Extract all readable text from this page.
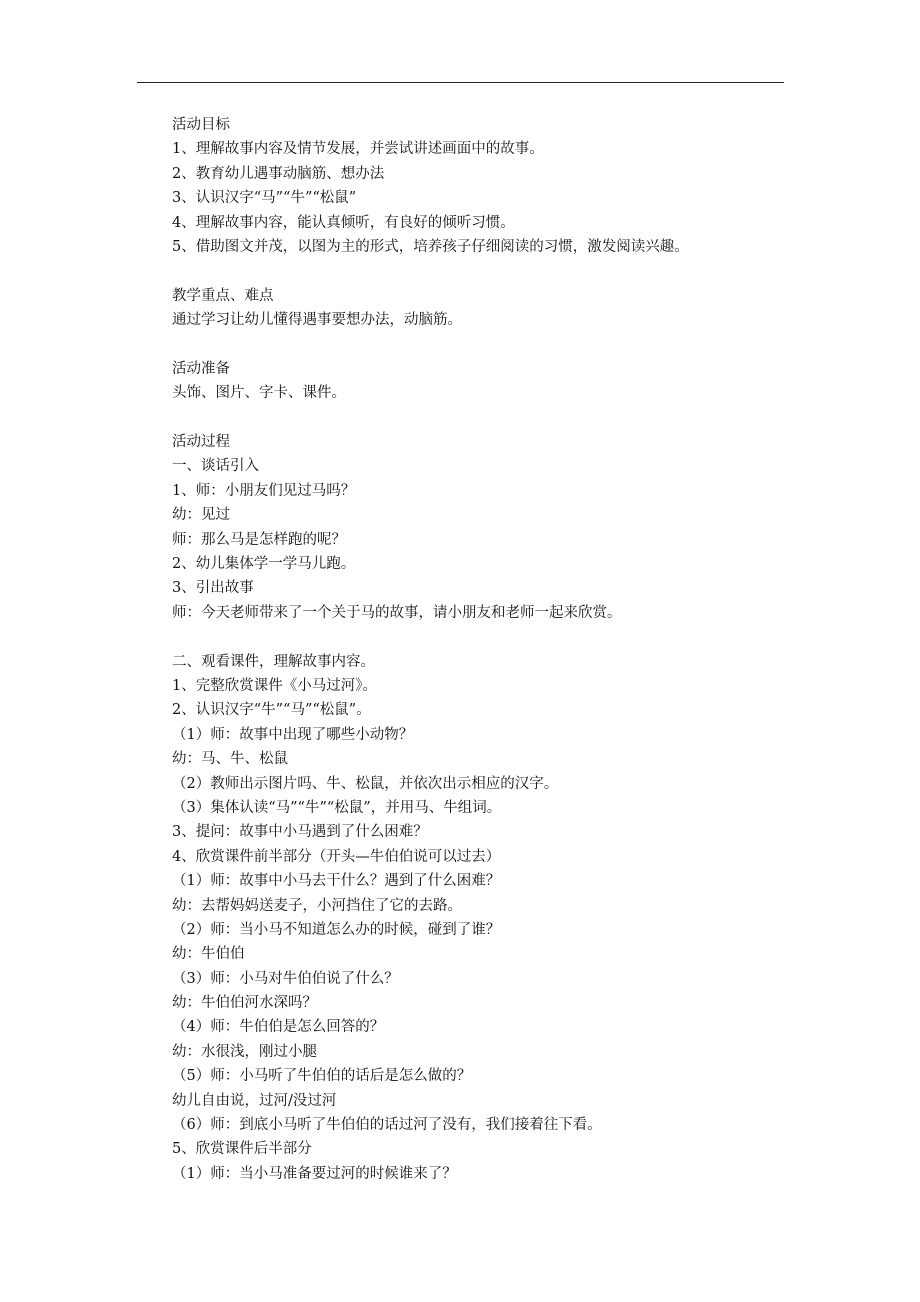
活动目标
1、理解故事内容及情节发展，并尝试讲述画面中的故事。
2、教育幼儿遇事动脑筋、想办法
3、认识汉字“马”“牛”“松鼠”
4、理解故事内容，能认真倾听，有良好的倾听习惯。
5、借助图文并茂，以图为主的形式，培养孩子仔细阅读的习惯，激发阅读兴趣。
教学重点、难点
通过学习让幼儿懂得遇事要想办法，动脑筋。
活动准备
头饰、图片、字卡、课件。
活动过程
一、谈话引入
1、师：小朋友们见过马吗？
幼：见过
师：那么马是怎样跑的呢？
2、幼儿集体学一学马儿跑。
3、引出故事
师：今天老师带来了一个关于马的故事，请小朋友和老师一起来欣赏。
二、观看课件，理解故事内容。
1、完整欣赏课件《小马过河》。
2、认识汉字“牛”“马”“松鼠”。
（1）师：故事中出现了哪些小动物？
幼：马、牛、松鼠
（2）教师出示图片吗、牛、松鼠，并依次出示相应的汉字。
（3）集体认读“马”“牛”“松鼠”，并用马、牛组词。
3、提问：故事中小马遇到了什么困难？
4、欣赏课件前半部分（开头—牛伯伯说可以过去）
（1）师：故事中小马去干什么？遇到了什么困难？
幼：去帮妈妈送麦子，小河挡住了它的去路。
（2）师：当小马不知道怎么办的时候，碰到了谁？
幼：牛伯伯
（3）师：小马对牛伯伯说了什么？
幼：牛伯伯河水深吗？
（4）师：牛伯伯是怎么回答的？
幼：水很浅，刚过小腿
（5）师：小马听了牛伯伯的话后是怎么做的？
幼儿自由说，过河/没过河
（6）师：到底小马听了牛伯伯的话过河了没有，我们接着往下看。
5、欣赏课件后半部分
（1）师：当小马准备要过河的时候谁来了？
